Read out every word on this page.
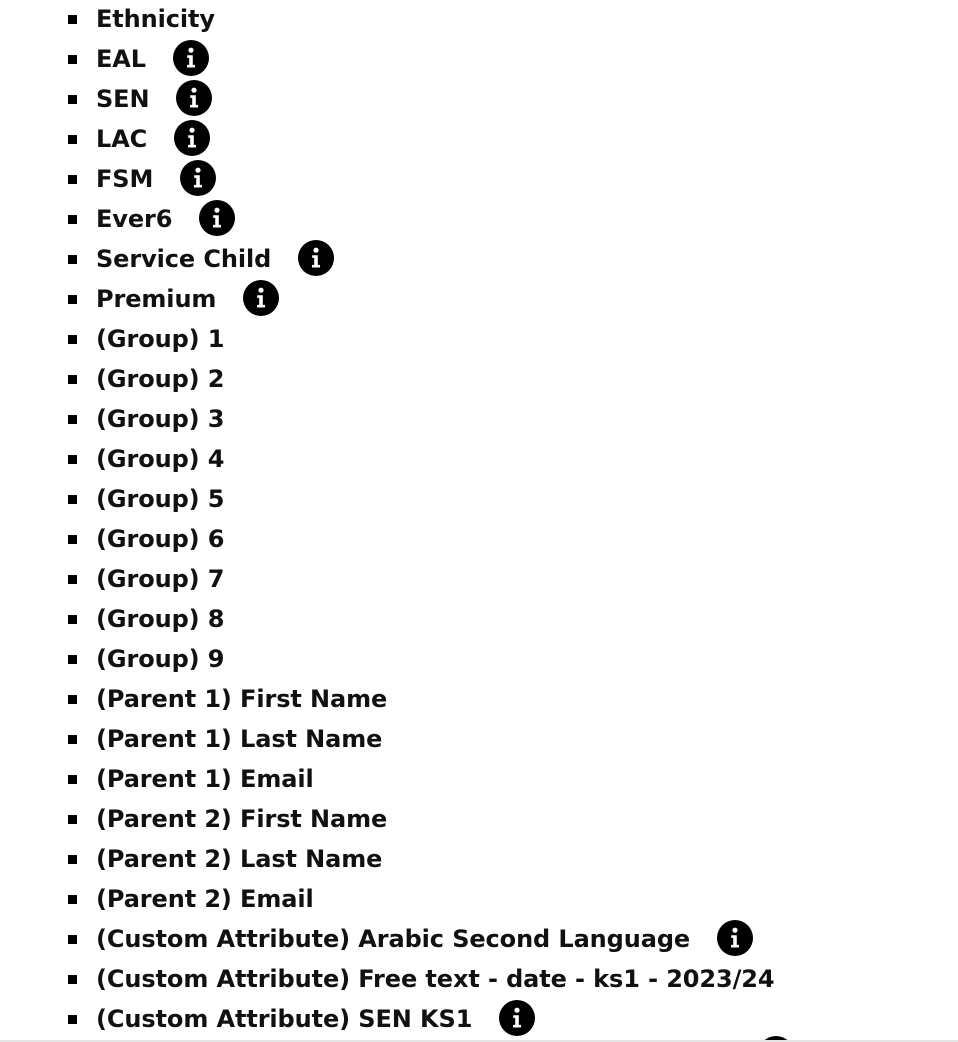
Ethnicity
EAL
SEN
LAC
FSM
Ever6
Service Child
Premium
(Group) 1
(Group) 2
(Group) 3
(Group) 4
(Group) 5
(Group) 6
(Group) 7
(Group) 8
(Group) 9
(Parent 1) First Name
(Parent 1) Last Name
(Parent 1) Email
(Parent 2) First Name
(Parent 2) Last Name
(Parent 2) Email
(Custom Attribute) Arabic Second Language
(Custom Attribute) Free text - date - ks1 - 2023/24
(Custom Attribute) SEN KS1
